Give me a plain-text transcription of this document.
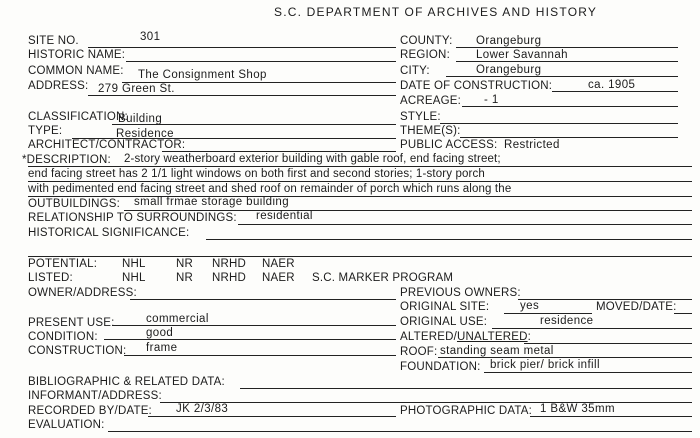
S.C. DEPARTMENT OF ARCHIVES AND HISTORY
SITE NO.	301
HISTORIC NAME:
COMMON NAME: The Consignment Shop
ADDRESS: 279 Green St.
COUNTY: Orangeburg
REGION: Lower Savannah
CITY:	Orangeburg
DATE OF CONSTRUCTION:	ca. 1905
ACREAGE: - 1
CLASSIFICATION:
Building
TYPE:	Residence
ARCHITECT/CONTRACTOR:
STYLE:
THEME(S):
PUBLIC ACCESS: Restricted
*DESCRIPTION: 2-story weatherboard exterior building with gable roof, end facing street;
end facing street has 2 1/1 light windows on both first and second stories; 1-story porch
with pedimented end facing street and shed roof on remainder of porch which runs along the
OUTBUILDINGS: small frmae storage building
RELATIONSHIP TO SURROUNDINGS: residential
HISTORICAL SIGNIFICANCE:
POTENTIAL: NHL	NR NRHD NAER
LISTED:	NHL	NR NRHD NAER S.C. MARKER PROGRAM
OWNER/ADDRESS:	PREVIOUS OWNERS:
ORIGINAL SITE:	yes	MOVED/DATE:
PRESENT USE:	commercial	ORIGINAL USE:	residence
CONDITION:	good	ALTERED/UNALTERED:
CONSTRUCTION: frame	ROOF: standing seam metal
FOUNDATION: brick pier/ brick infill
BIBLIOGRAPHIC & RELATED DATA:
INFORMANT/ADDRESS:
RECORDED BY/DATE: JK 2/3/83	PHOTOGRAPHIC DATA: 1 B&W 35mm
EVALUATION:
